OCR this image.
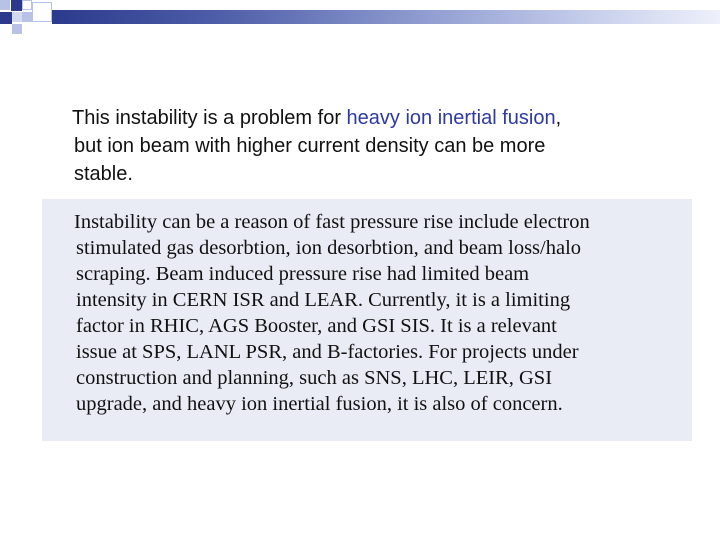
This instability is a problem for heavy ion inertial fusion,
but ion beam with higher current density can be more
stable.
Instability can be a reason of fast pressure rise include electron
stimulated gas desorbtion, ion desorbtion, and beam loss/halo
scraping. Beam induced pressure rise had limited beam
intensity in CERN ISR and LEAR. Currently, it is a limiting
factor in RHIC, AGS Booster, and GSI SIS. It is a relevant
issue at SPS, LANL PSR, and B-factories. For projects under
construction and planning, such as SNS, LHC, LEIR, GSI
upgrade, and heavy ion inertial fusion, it is also of concern.
